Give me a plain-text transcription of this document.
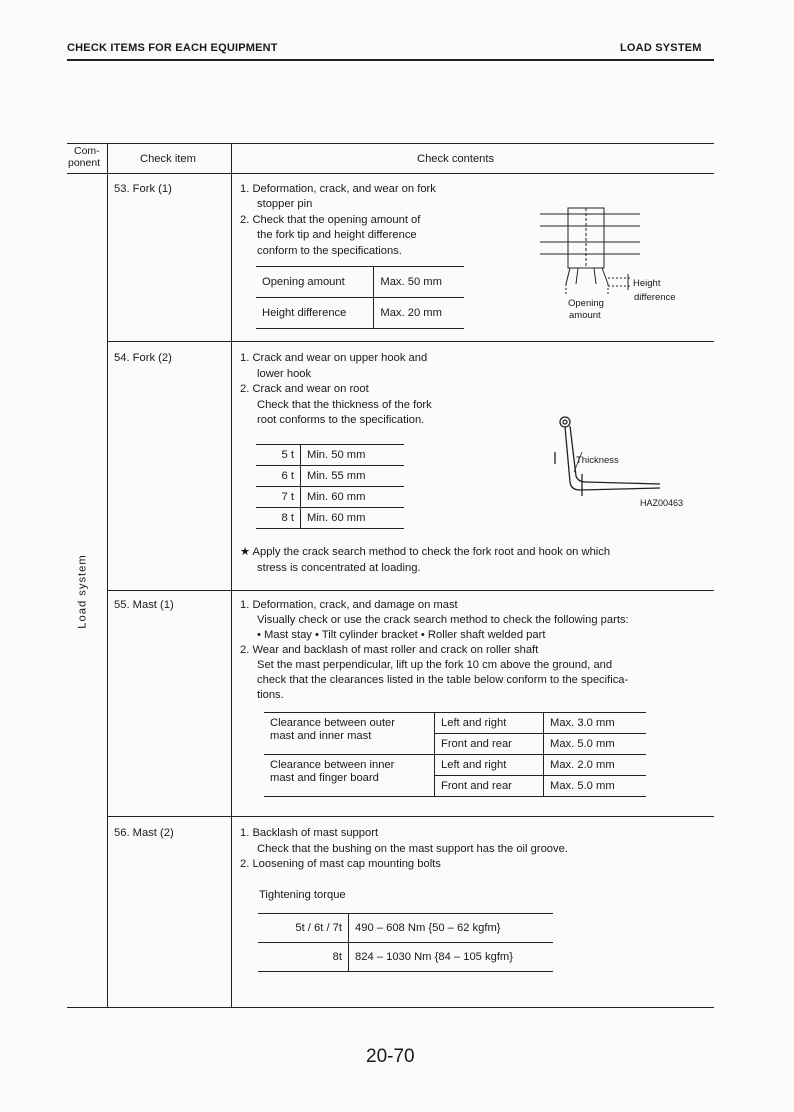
CHECK ITEMS FOR EACH EQUIPMENT	LOAD SYSTEM
Com-
ponent	Check item	Check contents
Load system
53. Fork (1)	1. Deformation, crack, and wear on fork
stopper pin
2. Check that the opening amount of
the fork tip and height difference
conform to the specifications.
Opening amount	Max. 50 mm
Height difference	Max. 20 mm
Height
difference
Opening
amount
54. Fork (2)	1. Crack and wear on upper hook and
lower hook
2. Crack and wear on root
Check that the thickness of the fork
root conforms to the specification.
5 t	Min. 50 mm
6 t	Min. 55 mm
7 t	Min. 60 mm
8 t	Min. 60 mm
Thickness
HAZ00463
★ Apply the crack search method to check the fork root and hook on which
stress is concentrated at loading.
55. Mast (1)	1. Deformation, crack, and damage on mast
Visually check or use the crack search method to check the following parts:
• Mast stay • Tilt cylinder bracket • Roller shaft welded part
2. Wear and backlash of mast roller and crack on roller shaft
Set the mast perpendicular, lift up the fork 10 cm above the ground, and
check that the clearances listed in the table below conform to the specifica-
tions.
Clearance between outer
mast and inner mast	Left and right	Max. 3.0 mm
	Front and rear	Max. 5.0 mm

Clearance between inner
mast and finger board	Left and right	Max. 2.0 mm
	Front and rear	Max. 5.0 mm
56. Mast (2)	1. Backlash of mast support
Check that the bushing on the mast support has the oil groove.
2. Loosening of mast cap mounting bolts
Tightening torque
5t / 6t / 7t	490 – 608 Nm {50 – 62 kgfm}
8t	824 – 1030 Nm {84 – 105 kgfm}
20-70
